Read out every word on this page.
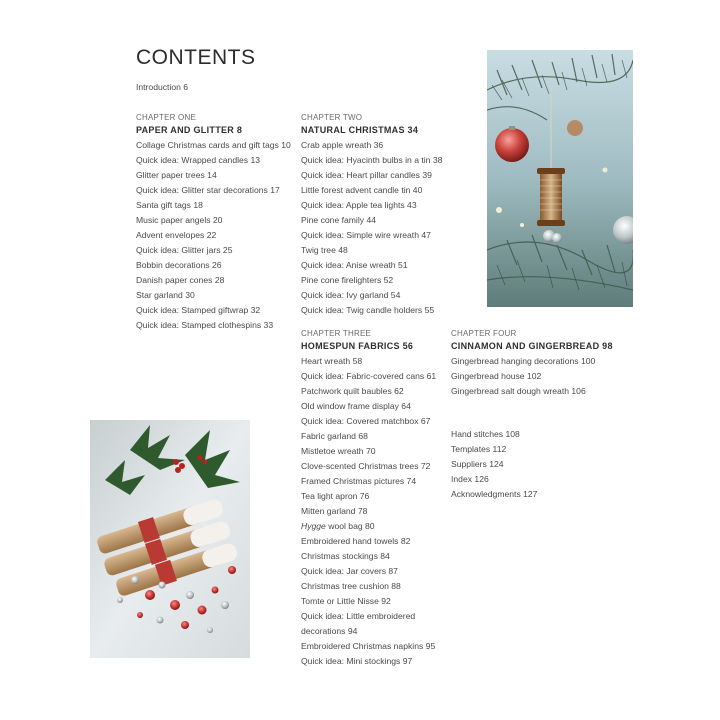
CONTENTS
Introduction 6
CHAPTER ONE
PAPER AND GLITTER 8
Collage Christmas cards and gift tags 10
Quick idea: Wrapped candles 13
Glitter paper trees 14
Quick idea: Glitter star decorations 17
Santa gift tags 18
Music paper angels 20
Advent envelopes 22
Quick idea: Glitter jars 25
Bobbin decorations 26
Danish paper cones 28
Star garland 30
Quick idea: Stamped giftwrap 32
Quick idea: Stamped clothespins 33
CHAPTER TWO
NATURAL CHRISTMAS 34
Crab apple wreath 36
Quick idea: Hyacinth bulbs in a tin 38
Quick idea: Heart pillar candles 39
Little forest advent candle tin 40
Quick idea: Apple tea lights 43
Pine cone family 44
Quick idea: Simple wire wreath 47
Twig tree 48
Quick idea: Anise wreath 51
Pine cone firelighters 52
Quick idea: Ivy garland 54
Quick idea: Twig candle holders 55
CHAPTER THREE
HOMESPUN FABRICS 56
Heart wreath 58
Quick idea: Fabric-covered cans 61
Patchwork quilt baubles 62
Old window frame display 64
Quick idea: Covered matchbox 67
Fabric garland 68
Mistletoe wreath 70
Clove-scented Christmas trees 72
Framed Christmas pictures 74
Tea light apron 76
Mitten garland 78
Hygge wool bag 80
Embroidered hand towels 82
Christmas stockings 84
Quick idea: Jar covers 87
Christmas tree cushion 88
Tomte or Little Nisse 92
Quick idea: Little embroidered decorations 94
Embroidered Christmas napkins 95
Quick idea: Mini stockings 97
CHAPTER FOUR
CINNAMON AND GINGERBREAD 98
Gingerbread hanging decorations 100
Gingerbread house 102
Gingerbread salt dough wreath 106
Hand stitches 108
Templates 112
Suppliers 124
Index 126
Acknowledgments 127
